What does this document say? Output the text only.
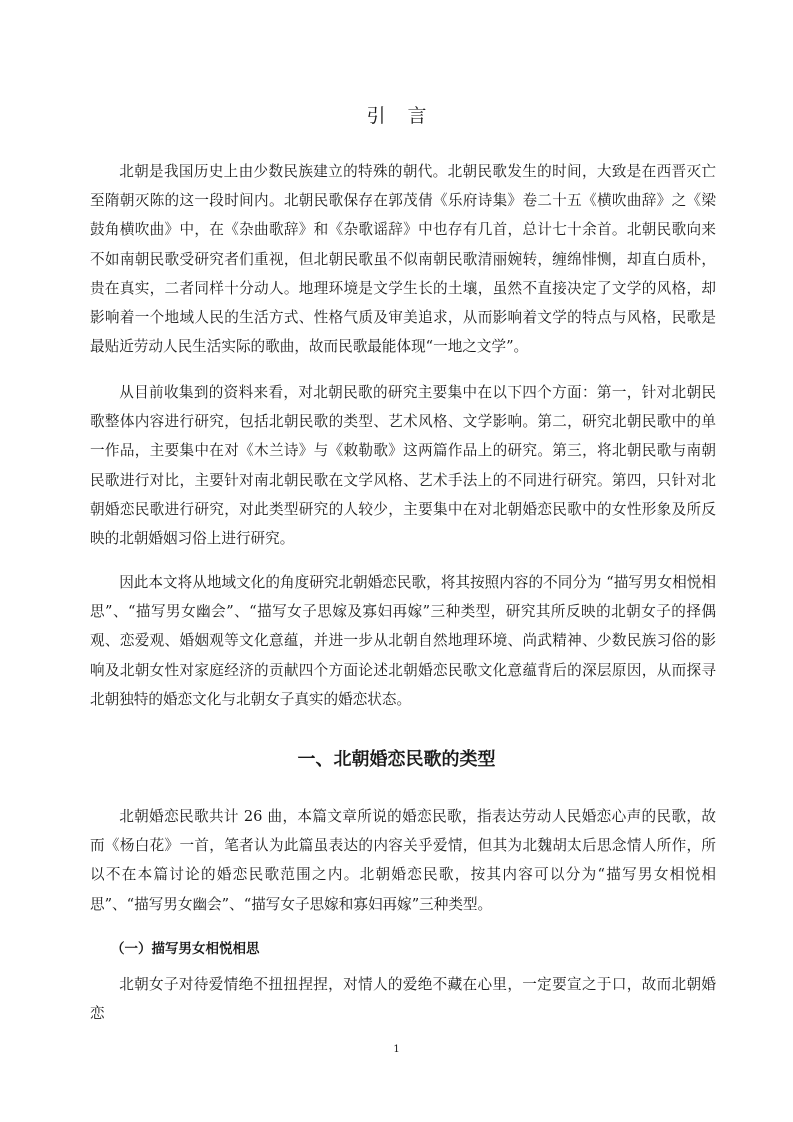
引言

北朝是我国历史上由少数民族建立的特殊的朝代。北朝民歌发生的时间，大致是在西晋灭亡至隋朝灭陈的这一段时间内。北朝民歌保存在郭茂倩《乐府诗集》卷二十五《横吹曲辞》之《梁鼓角横吹曲》中，在《杂曲歌辞》和《杂歌谣辞》中也存有几首，总计七十余首。北朝民歌向来不如南朝民歌受研究者们重视，但北朝民歌虽不似南朝民歌清丽婉转，缠绵悱恻，却直白质朴，贵在真实，二者同样十分动人。地理环境是文学生长的土壤，虽然不直接决定了文学的风格，却影响着一个地域人民的生活方式、性格气质及审美追求，从而影响着文学的特点与风格，民歌是最贴近劳动人民生活实际的歌曲，故而民歌最能体现“一地之文学”。

从目前收集到的资料来看，对北朝民歌的研究主要集中在以下四个方面：第一，针对北朝民歌整体内容进行研究，包括北朝民歌的类型、艺术风格、文学影响。第二，研究北朝民歌中的单一作品，主要集中在对《木兰诗》与《敕勒歌》这两篇作品上的研究。第三，将北朝民歌与南朝民歌进行对比，主要针对南北朝民歌在文学风格、艺术手法上的不同进行研究。第四，只针对北朝婚恋民歌进行研究，对此类型研究的人较少，主要集中在对北朝婚恋民歌中的女性形象及所反映的北朝婚姻习俗上进行研究。

因此本文将从地域文化的角度研究北朝婚恋民歌，将其按照内容的不同分为 “描写男女相悦相思”、“描写男女幽会”、“描写女子思嫁及寡妇再嫁”三种类型，研究其所反映的北朝女子的择偶观、恋爱观、婚姻观等文化意蕴，并进一步从北朝自然地理环境、尚武精神、少数民族习俗的影响及北朝女性对家庭经济的贡献四个方面论述北朝婚恋民歌文化意蕴背后的深层原因，从而探寻北朝独特的婚恋文化与北朝女子真实的婚恋状态。

一、北朝婚恋民歌的类型

北朝婚恋民歌共计 26 曲，本篇文章所说的婚恋民歌，指表达劳动人民婚恋心声的民歌，故而《杨白花》一首，笔者认为此篇虽表达的内容关乎爱情，但其为北魏胡太后思念情人所作，所以不在本篇讨论的婚恋民歌范围之内。北朝婚恋民歌，按其内容可以分为“描写男女相悦相思”、“描写男女幽会”、“描写女子思嫁和寡妇再嫁”三种类型。

（一）描写男女相悦相思

北朝女子对待爱情绝不扭扭捏捏，对情人的爱绝不藏在心里，一定要宣之于口，故而北朝婚恋

1
